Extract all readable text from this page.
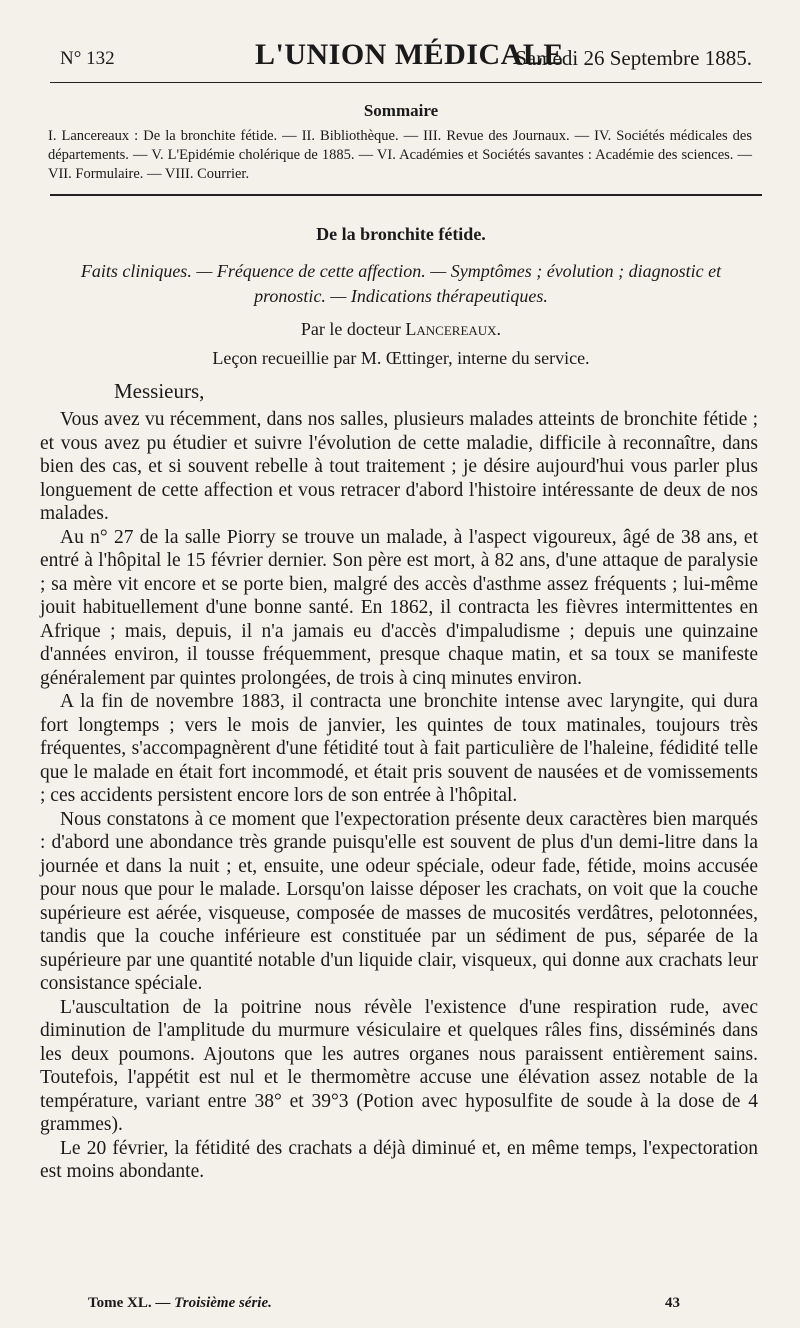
N° 132	L'UNION MÉDICALE
Samedi 26 Septembre 1885.
Sommaire
I. Lancereaux : De la bronchite fétide. — II. Bibliothèque. — III. Revue des Journaux. — IV. Sociétés médicales des départements. — V. L'Epidémie cholérique de 1885. — VI. Académies et Sociétés savantes : Académie des sciences. — VII. Formulaire. — VIII. Courrier.
De la bronchite fétide.
Faits cliniques. — Fréquence de cette affection. — Symptômes ; évolution ; diagnostic et pronostic. — Indications thérapeutiques.
Par le docteur Lancereaux.
Leçon recueillie par M. Œttinger, interne du service.
Messieurs,

Vous avez vu récemment, dans nos salles, plusieurs malades atteints de bronchite fétide ; et vous avez pu étudier et suivre l'évolution de cette maladie, difficile à reconnaître, dans bien des cas, et si souvent rebelle à tout traitement ; je désire aujourd'hui vous parler plus longuement de cette affection et vous retracer d'abord l'histoire intéressante de deux de nos malades.

Au n° 27 de la salle Piorry se trouve un malade, à l'aspect vigoureux, âgé de 38 ans, et entré à l'hôpital le 15 février dernier. Son père est mort, à 82 ans, d'une attaque de paralysie ; sa mère vit encore et se porte bien, malgré des accès d'asthme assez fréquents ; lui-même jouit habituellement d'une bonne santé. En 1862, il contracta les fièvres intermittentes en Afrique ; mais, depuis, il n'a jamais eu d'accès d'impaludisme ; depuis une quinzaine d'années environ, il tousse fréquemment, presque chaque matin, et sa toux se manifeste généralement par quintes prolongées, de trois à cinq minutes environ.

A la fin de novembre 1883, il contracta une bronchite intense avec laryngite, qui dura fort longtemps ; vers le mois de janvier, les quintes de toux matinales, toujours très fréquentes, s'accompagnèrent d'une fétidité tout à fait particulière de l'haleine, fédidité telle que le malade en était fort incommodé, et était pris souvent de nausées et de vomissements ; ces accidents persistent encore lors de son entrée à l'hôpital.

Nous constatons à ce moment que l'expectoration présente deux caractères bien marqués : d'abord une abondance très grande puisqu'elle est souvent de plus d'un demi-litre dans la journée et dans la nuit ; et, ensuite, une odeur spéciale, odeur fade, fétide, moins accusée pour nous que pour le malade. Lorsqu'on laisse déposer les crachats, on voit que la couche supérieure est aérée, visqueuse, composée de masses de mucosités verdâtres, pelotonnées, tandis que la couche inférieure est constituée par un sédiment de pus, séparée de la supérieure par une quantité notable d'un liquide clair, visqueux, qui donne aux crachats leur consistance spéciale.

L'auscultation de la poitrine nous révèle l'existence d'une respiration rude, avec diminution de l'amplitude du murmure vésiculaire et quelques râles fins, disséminés dans les deux poumons. Ajoutons que les autres organes nous paraissent entièrement sains. Toutefois, l'appétit est nul et le thermomètre accuse une élévation assez notable de la température, variant entre 38° et 39°3 (Potion avec hyposulfite de soude à la dose de 4 grammes).

Le 20 février, la fétidité des crachats a déjà diminué et, en même temps, l'expectoration est moins abondante.

Tome XL. — Troisième série.	43
